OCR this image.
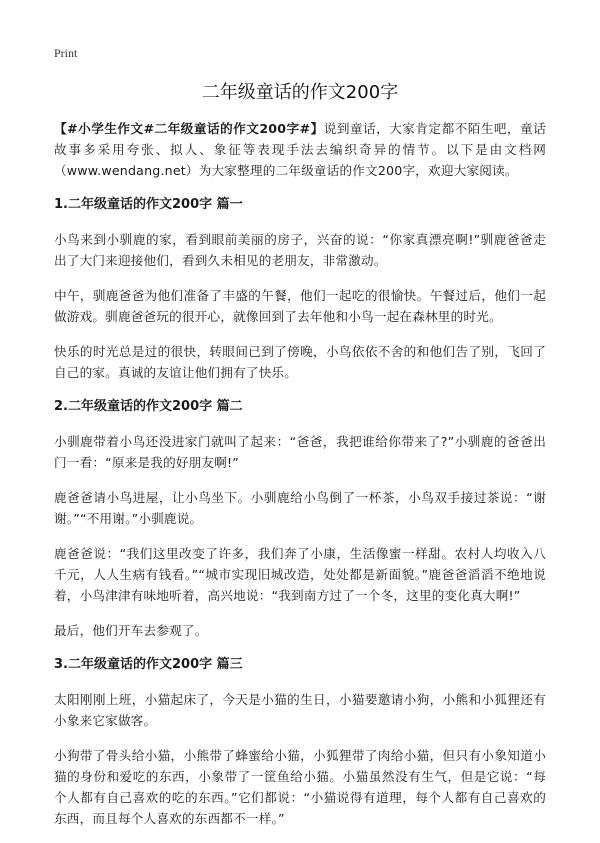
Print
二年级童话的作文200字

【#小学生作文#二年级童话的作文200字#】说到童话，大家肯定都不陌生吧，童话故事多采用夸张、拟人、象征等表现手法去编织奇异的情节。以下是由文档网（www.wendang.net）为大家整理的二年级童话的作文200字，欢迎大家阅读。

1.二年级童话的作文200字 篇一

小鸟来到小驯鹿的家，看到眼前美丽的房子，兴奋的说：“你家真漂亮啊!”驯鹿爸爸走出了大门来迎接他们，看到久未相见的老朋友，非常激动。

中午，驯鹿爸爸为他们准备了丰盛的午餐，他们一起吃的很愉快。午餐过后，他们一起做游戏。驯鹿爸爸玩的很开心，就像回到了去年他和小鸟一起在森林里的时光。

快乐的时光总是过的很快，转眼间已到了傍晚，小鸟依依不舍的和他们告了别，飞回了自己的家。真诚的友谊让他们拥有了快乐。

2.二年级童话的作文200字 篇二

小驯鹿带着小鸟还没进家门就叫了起来：“爸爸，我把谁给你带来了?”小驯鹿的爸爸出门一看：“原来是我的好朋友啊!”

鹿爸爸请小鸟进屋，让小鸟坐下。小驯鹿给小鸟倒了一杯茶，小鸟双手接过茶说：“谢谢。”“不用谢。”小驯鹿说。

鹿爸爸说：“我们这里改变了许多，我们奔了小康，生活像蜜一样甜。农村人均收入八千元，人人生病有钱看。”“城市实现旧城改造，处处都是新面貌。”鹿爸爸滔滔不绝地说着，小鸟津津有味地听着，高兴地说：“我到南方过了一个冬，这里的变化真大啊!”

最后，他们开车去参观了。

3.二年级童话的作文200字 篇三

太阳刚刚上班，小猫起床了，今天是小猫的生日，小猫要邀请小狗，小熊和小狐狸还有小象来它家做客。

小狗带了骨头给小猫，小熊带了蜂蜜给小猫，小狐狸带了肉给小猫，但只有小象知道小猫的身份和爱吃的东西，小象带了一筐鱼给小猫。小猫虽然没有生气，但是它说：“每个人都有自己喜欢的吃的东西。”它们都说：“小猫说得有道理，每个人都有自己喜欢的东西，而且每个人喜欢的东西都不一样。”
